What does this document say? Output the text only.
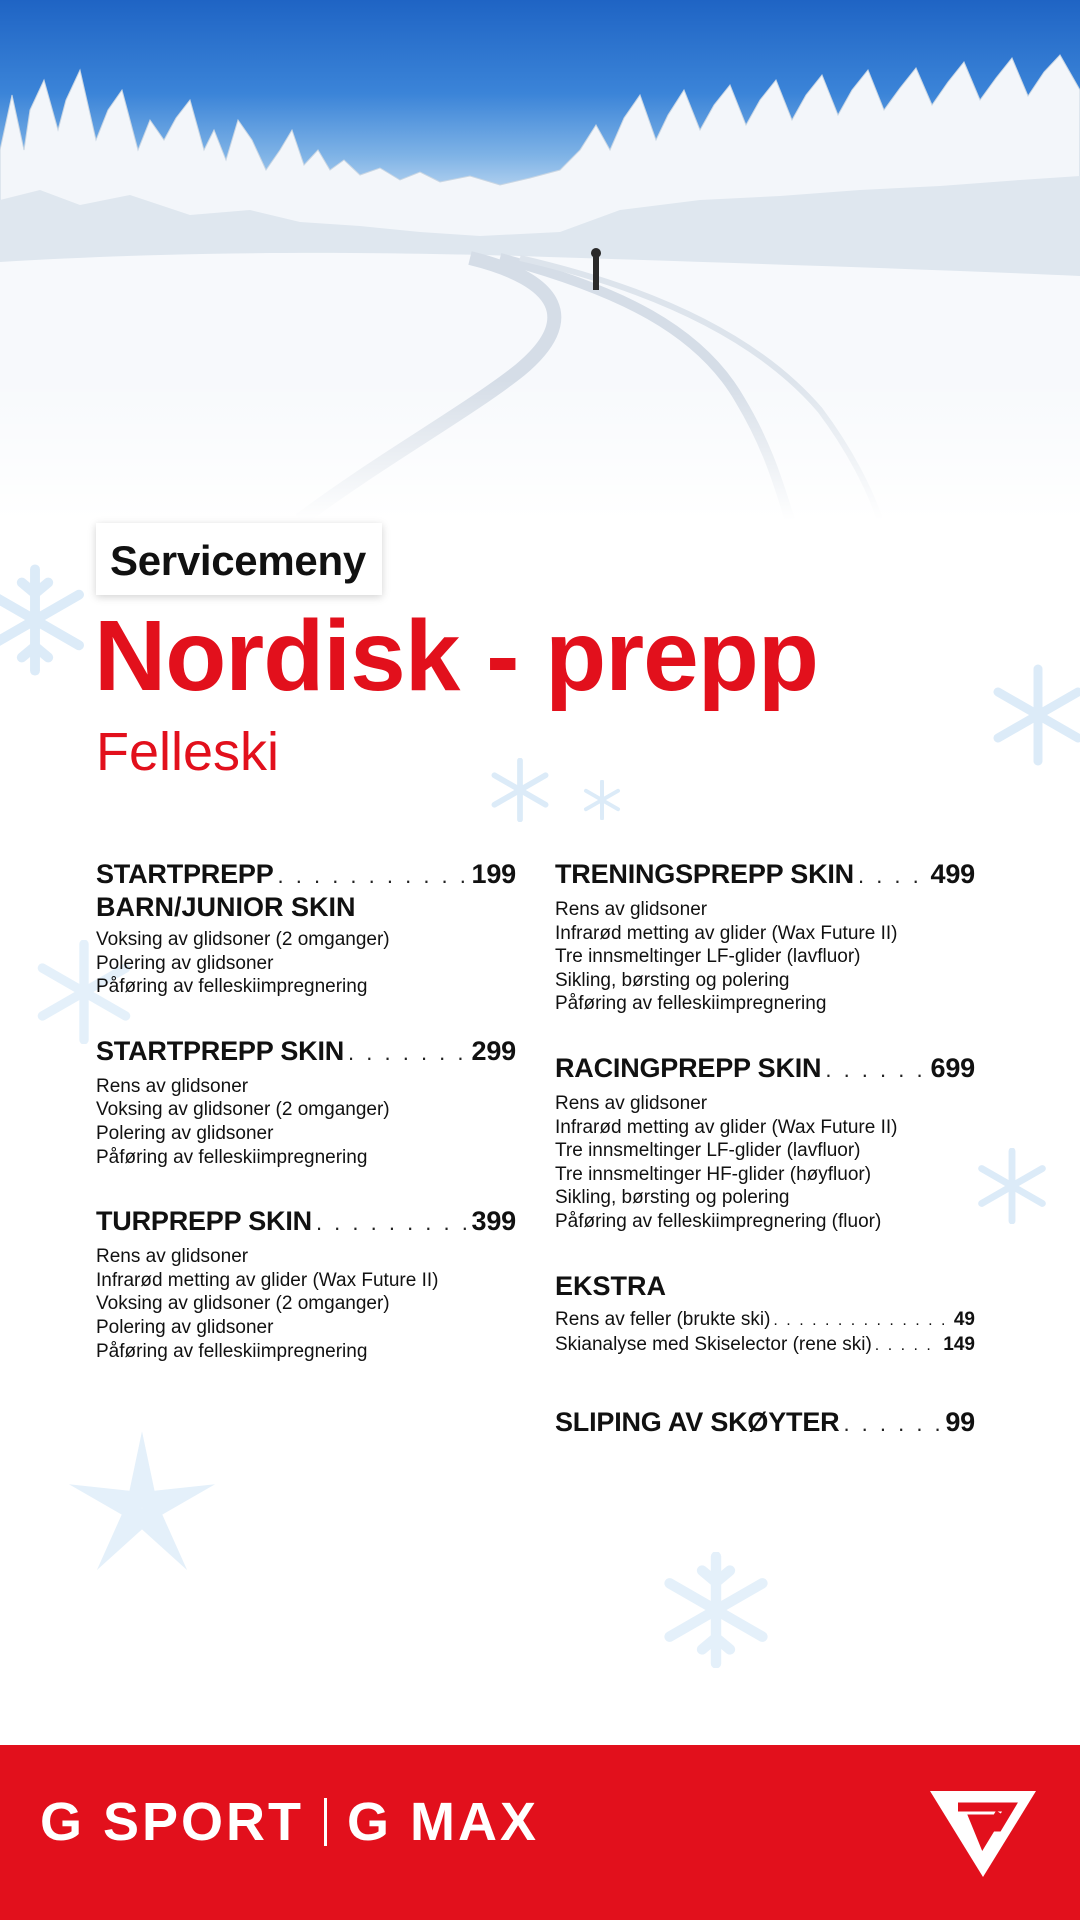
Servicemeny
Nordisk - prepp
Felleski
STARTPREPP . . .	199
BARN/JUNIOR SKIN
Voksing av glidsoner (2 omganger)
Polering av glidsoner
Påføring av felleskiimpregnering
STARTPREPP SKIN . . .	299
Rens av glidsoner
Voksing av glidsoner (2 omganger)
Polering av glidsoner
Påføring av felleskiimpregnering
TURPREPP SKIN . . .	399
Rens av glidsoner
Infrarød metting av glider (Wax Future II)
Voksing av glidsoner (2 omganger)
Polering av glidsoner
Påføring av felleskiimpregnering
TRENINGSPREPP SKIN . . .	499
Rens av glidsoner
Infrarød metting av glider (Wax Future II)
Tre innsmeltinger LF-glider (lavfluor)
Sikling, børsting og polering
Påføring av felleskiimpregnering
RACINGPREPP SKIN . . .	699
Rens av glidsoner
Infrarød metting av glider (Wax Future II)
Tre innsmeltinger LF-glider (lavfluor)
Tre innsmeltinger HF-glider (høyfluor)
Sikling, børsting og polering
Påføring av felleskiimpregnering (fluor)
EKSTRA
Rens av feller (brukte ski) . . .	49
Skianalyse med Skiselector (rene ski) . . .	149
SLIPING AV SKØYTER . . .	99
G SPORT G MAX
